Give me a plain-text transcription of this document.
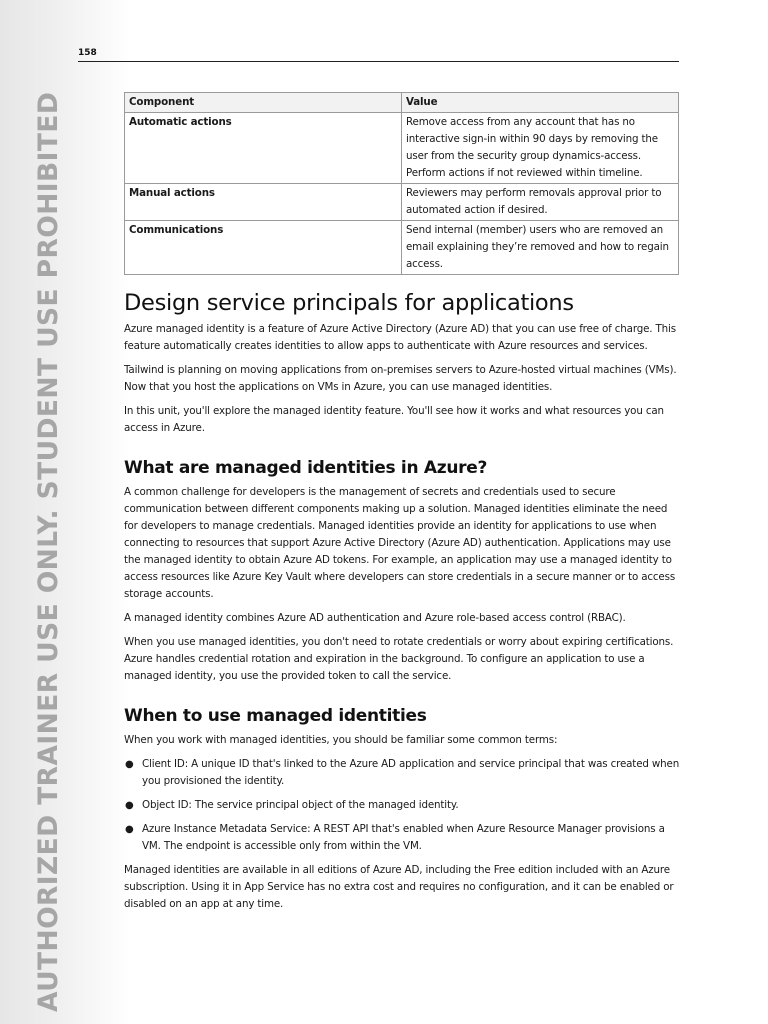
AUTHORIZED TRAINER USE ONLY. STUDENT USE PROHIBITED
158
Component	Value
Automatic actions	Remove access from any account that has no interactive sign-in within 90 days by removing the user from the security group dynamics-access. Perform actions if not reviewed within timeline.
Manual actions	Reviewers may perform removals approval prior to automated action if desired.
Communications	Send internal (member) users who are removed an email explaining they’re removed and how to regain access.
Design service principals for applications

Azure managed identity is a feature of Azure Active Directory (Azure AD) that you can use free of charge. This feature automatically creates identities to allow apps to authenticate with Azure resources and services.

Tailwind is planning on moving applications from on-premises servers to Azure-hosted virtual machines (VMs). Now that you host the applications on VMs in Azure, you can use managed identities.

In this unit, you'll explore the managed identity feature. You'll see how it works and what resources you can access in Azure.

What are managed identities in Azure?

A common challenge for developers is the management of secrets and credentials used to secure communication between different components making up a solution. Managed identities eliminate the need for developers to manage credentials. Managed identities provide an identity for applications to use when connecting to resources that support Azure Active Directory (Azure AD) authentication. Applications may use the managed identity to obtain Azure AD tokens. For example, an application may use a managed identity to access resources like Azure Key Vault where developers can store credentials in a secure manner or to access storage accounts.

A managed identity combines Azure AD authentication and Azure role-based access control (RBAC).

When you use managed identities, you don't need to rotate credentials or worry about expiring certifications. Azure handles credential rotation and expiration in the background. To configure an application to use a managed identity, you use the provided token to call the service.

When to use managed identities

When you work with managed identities, you should be familiar some common terms:

● Client ID: A unique ID that's linked to the Azure AD application and service principal that was created when you provisioned the identity.
● Object ID: The service principal object of the managed identity.
● Azure Instance Metadata Service: A REST API that's enabled when Azure Resource Manager provisions a VM. The endpoint is accessible only from within the VM.

Managed identities are available in all editions of Azure AD, including the Free edition included with an Azure subscription. Using it in App Service has no extra cost and requires no configuration, and it can be enabled or disabled on an app at any time.
